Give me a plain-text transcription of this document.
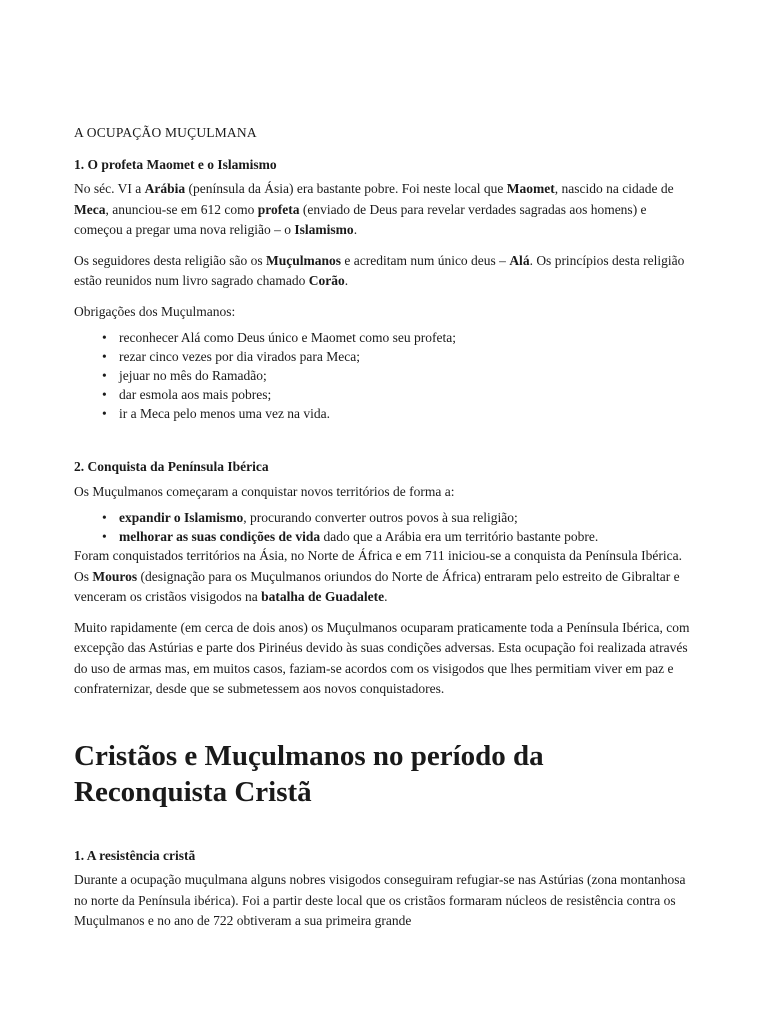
A OCUPAÇÃO MUÇULMANA

1. O profeta Maomet e o Islamismo

No séc. VI a Arábia (península da Ásia) era bastante pobre. Foi neste local que Maomet, nascido na cidade de Meca, anunciou-se em 612 como profeta (enviado de Deus para revelar verdades sagradas aos homens) e começou a pregar uma nova religião – o Islamismo.

Os seguidores desta religião são os Muçulmanos e acreditam num único deus – Alá. Os princípios desta religião estão reunidos num livro sagrado chamado Corão.

Obrigações dos Muçulmanos:

• reconhecer Alá como Deus único e Maomet como seu profeta;
• rezar cinco vezes por dia virados para Meca;
• jejuar no mês do Ramadão;
• dar esmola aos mais pobres;
• ir a Meca pelo menos uma vez na vida.

2. Conquista da Península Ibérica

Os Muçulmanos começaram a conquistar novos territórios de forma a:

• expandir o Islamismo, procurando converter outros povos à sua religião;
• melhorar as suas condições de vida dado que a Arábia era um território bastante pobre.

Foram conquistados territórios na Ásia, no Norte de África e em 711 iniciou-se a conquista da Península Ibérica. Os Mouros (designação para os Muçulmanos oriundos do Norte de África) entraram pelo estreito de Gibraltar e venceram os cristãos visigodos na batalha de Guadalete.

Muito rapidamente (em cerca de dois anos) os Muçulmanos ocuparam praticamente toda a Península Ibérica, com excepção das Astúrias e parte dos Pirinéus devido às suas condições adversas. Esta ocupação foi realizada através do uso de armas mas, em muitos casos, faziam-se acordos com os visigodos que lhes permitiam viver em paz e confraternizar, desde que se submetessem aos novos conquistadores.

Cristãos e Muçulmanos no período da Reconquista Cristã

1. A resistência cristã

Durante a ocupação muçulmana alguns nobres visigodos conseguiram refugiar-se nas Astúrias (zona montanhosa no norte da Península ibérica). Foi a partir deste local que os cristãos formaram núcleos de resistência contra os Muçulmanos e no ano de 722 obtiveram a sua primeira grande
